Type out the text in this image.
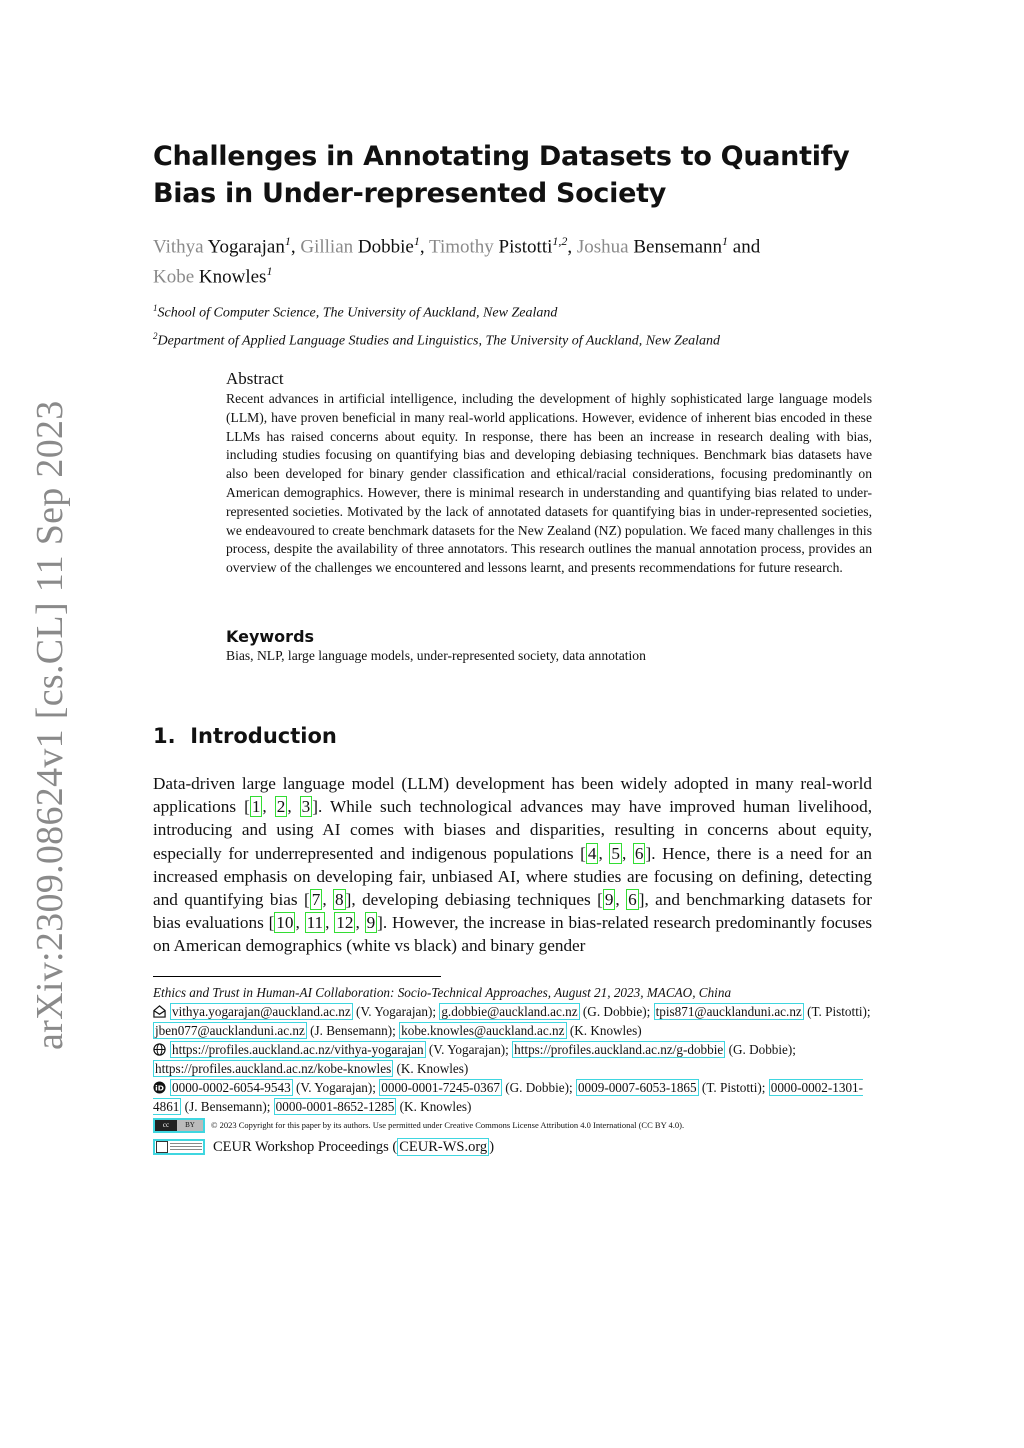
arXiv:2309.08624v1 [cs.CL] 11 Sep 2023
Challenges in Annotating Datasets to Quantify Bias in Under-represented Society
Vithya Yogarajan$^1$, Gillian Dobbie$^1$, Timothy Pistotti$^{1,2}$, Joshua Bensemann$^1$ and
Kobe Knowles$^1$
$^1$School of Computer Science, The University of Auckland, New Zealand
$^2$Department of Applied Language Studies and Linguistics, The University of Auckland, New Zealand
Abstract
Recent advances in artificial intelligence, including the development of highly sophisticated large language models (LLM), have proven beneficial in many real-world applications. However, evidence of inherent bias encoded in these LLMs has raised concerns about equity. In response, there has been an increase in research dealing with bias, including studies focusing on quantifying bias and developing debiasing techniques. Benchmark bias datasets have also been developed for binary gender classification and ethical/racial considerations, focusing predominantly on American demographics. However, there is minimal research in understanding and quantifying bias related to under-represented societies. Motivated by the lack of annotated datasets for quantifying bias in under-represented societies, we endeavoured to create benchmark datasets for the New Zealand (NZ) population. We faced many challenges in this process, despite the availability of three annotators. This research outlines the manual annotation process, provides an overview of the challenges we encountered and lessons learnt, and presents recommendations for future research.
Keywords
Bias, NLP, large language models, under-represented society, data annotation
1. Introduction
Data-driven large language model (LLM) development has been widely adopted in many real-world applications [ 1 , 2 , 3 ]. While such technological advances may have improved human livelihood, introducing and using AI comes with biases and disparities, resulting in concerns about equity, especially for underrepresented and indigenous populations [ 4 , 5 , 6 ]. Hence, there is a need for an increased emphasis on developing fair, unbiased AI, where studies are focusing on defining, detecting and quantifying bias [ 7 , 8 ], developing debiasing techniques [ 9 , 6 ], and benchmarking datasets for bias evaluations [ 10 , 11 , 12 , 9 ]. However, the increase in bias-related research predominantly focuses on American demographics (white vs black) and binary gender
Ethics and Trust in Human-AI Collaboration: Socio-Technical Approaches, August 21, 2023, MACAO, China
vithya.yogarajan@auckland.ac.nz (V. Yogarajan); g.dobbie@auckland.ac.nz (G. Dobbie); tpis871@aucklanduni.ac.nz (T. Pistotti); jben077@aucklanduni.ac.nz (J. Bensemann); kobe.knowles@auckland.ac.nz (K. Knowles)
https://profiles.auckland.ac.nz/vithya-yogarajan (V. Yogarajan); https://profiles.auckland.ac.nz/g-dobbie (G. Dobbie); https://profiles.auckland.ac.nz/kobe-knowles (K. Knowles)
iD 0000-0002-6054-9543 (V. Yogarajan); 0000-0001-7245-0367 (G. Dobbie); 0009-0007-6053-1865 (T. Pistotti); 0000-0002-1301-4861 (J. Bensemann); 0000-0001-8652-1285 (K. Knowles)
cc	BY	© 2023 Copyright for this paper by its authors. Use permitted under Creative Commons License Attribution 4.0 International (CC BY 4.0).
CEUR Workshop Proceedings ( CEUR-WS.org )
